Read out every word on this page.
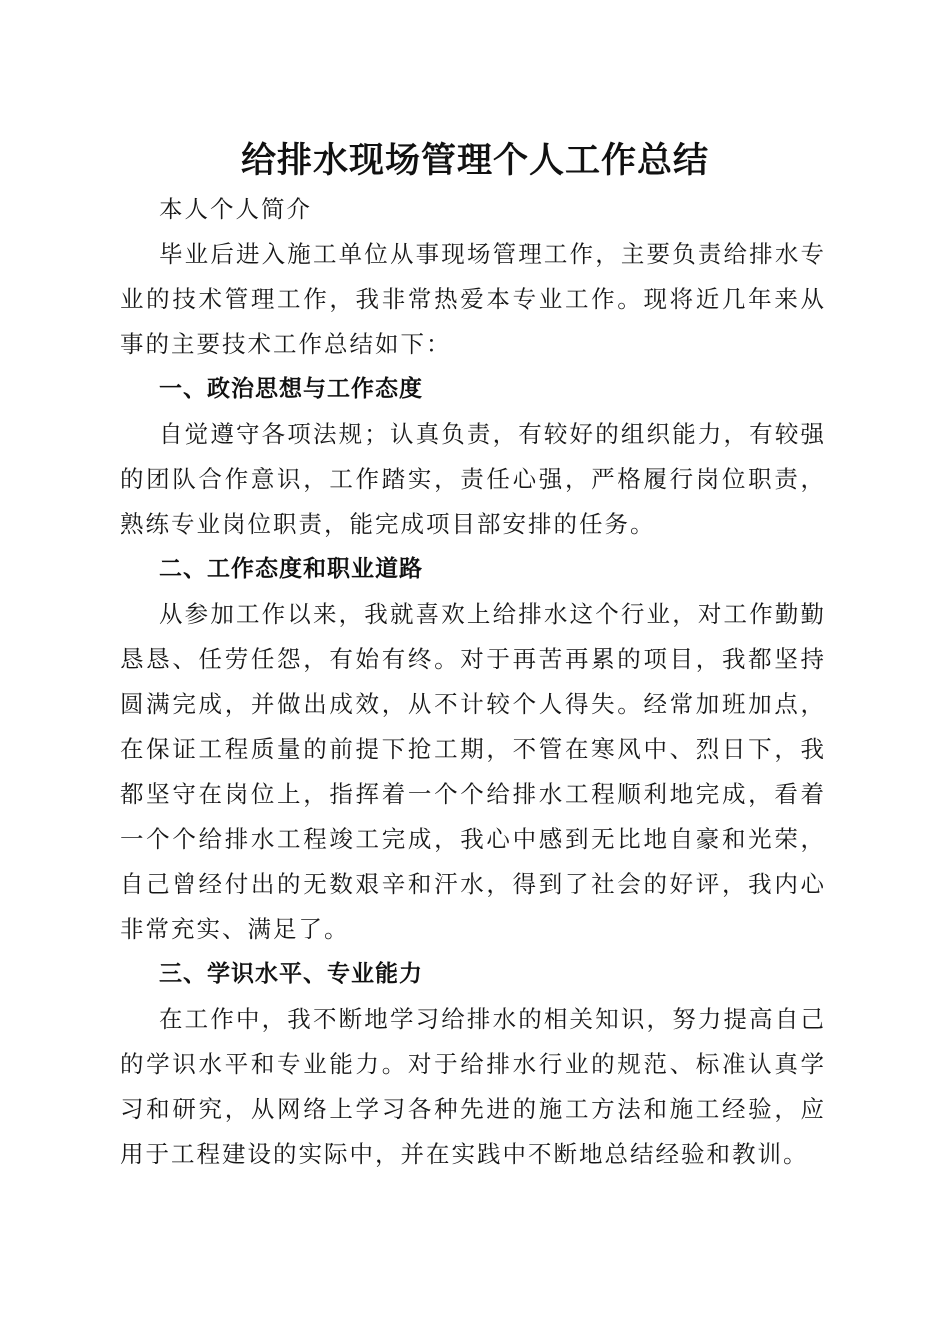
给排水现场管理个人工作总结

本人个人简介

毕业后进入施工单位从事现场管理工作，主要负责给排水专业的技术管理工作，我非常热爱本专业工作。现将近几年来从事的主要技术工作总结如下：

一、政治思想与工作态度

自觉遵守各项法规；认真负责，有较好的组织能力，有较强的团队合作意识，工作踏实，责任心强，严格履行岗位职责，熟练专业岗位职责，能完成项目部安排的任务。

二、工作态度和职业道路

从参加工作以来，我就喜欢上给排水这个行业，对工作勤勤恳恳、任劳任怨，有始有终。对于再苦再累的项目，我都坚持圆满完成，并做出成效，从不计较个人得失。经常加班加点，在保证工程质量的前提下抢工期，不管在寒风中、烈日下，我都坚守在岗位上，指挥着一个个给排水工程顺利地完成，看着一个个给排水工程竣工完成，我心中感到无比地自豪和光荣，自己曾经付出的无数艰辛和汗水，得到了社会的好评，我内心非常充实、满足了。

三、学识水平、专业能力

在工作中，我不断地学习给排水的相关知识，努力提高自己的学识水平和专业能力。对于给排水行业的规范、标准认真学习和研究，从网络上学习各种先进的施工方法和施工经验，应用于工程建设的实际中，并在实践中不断地总结经验和教训。
